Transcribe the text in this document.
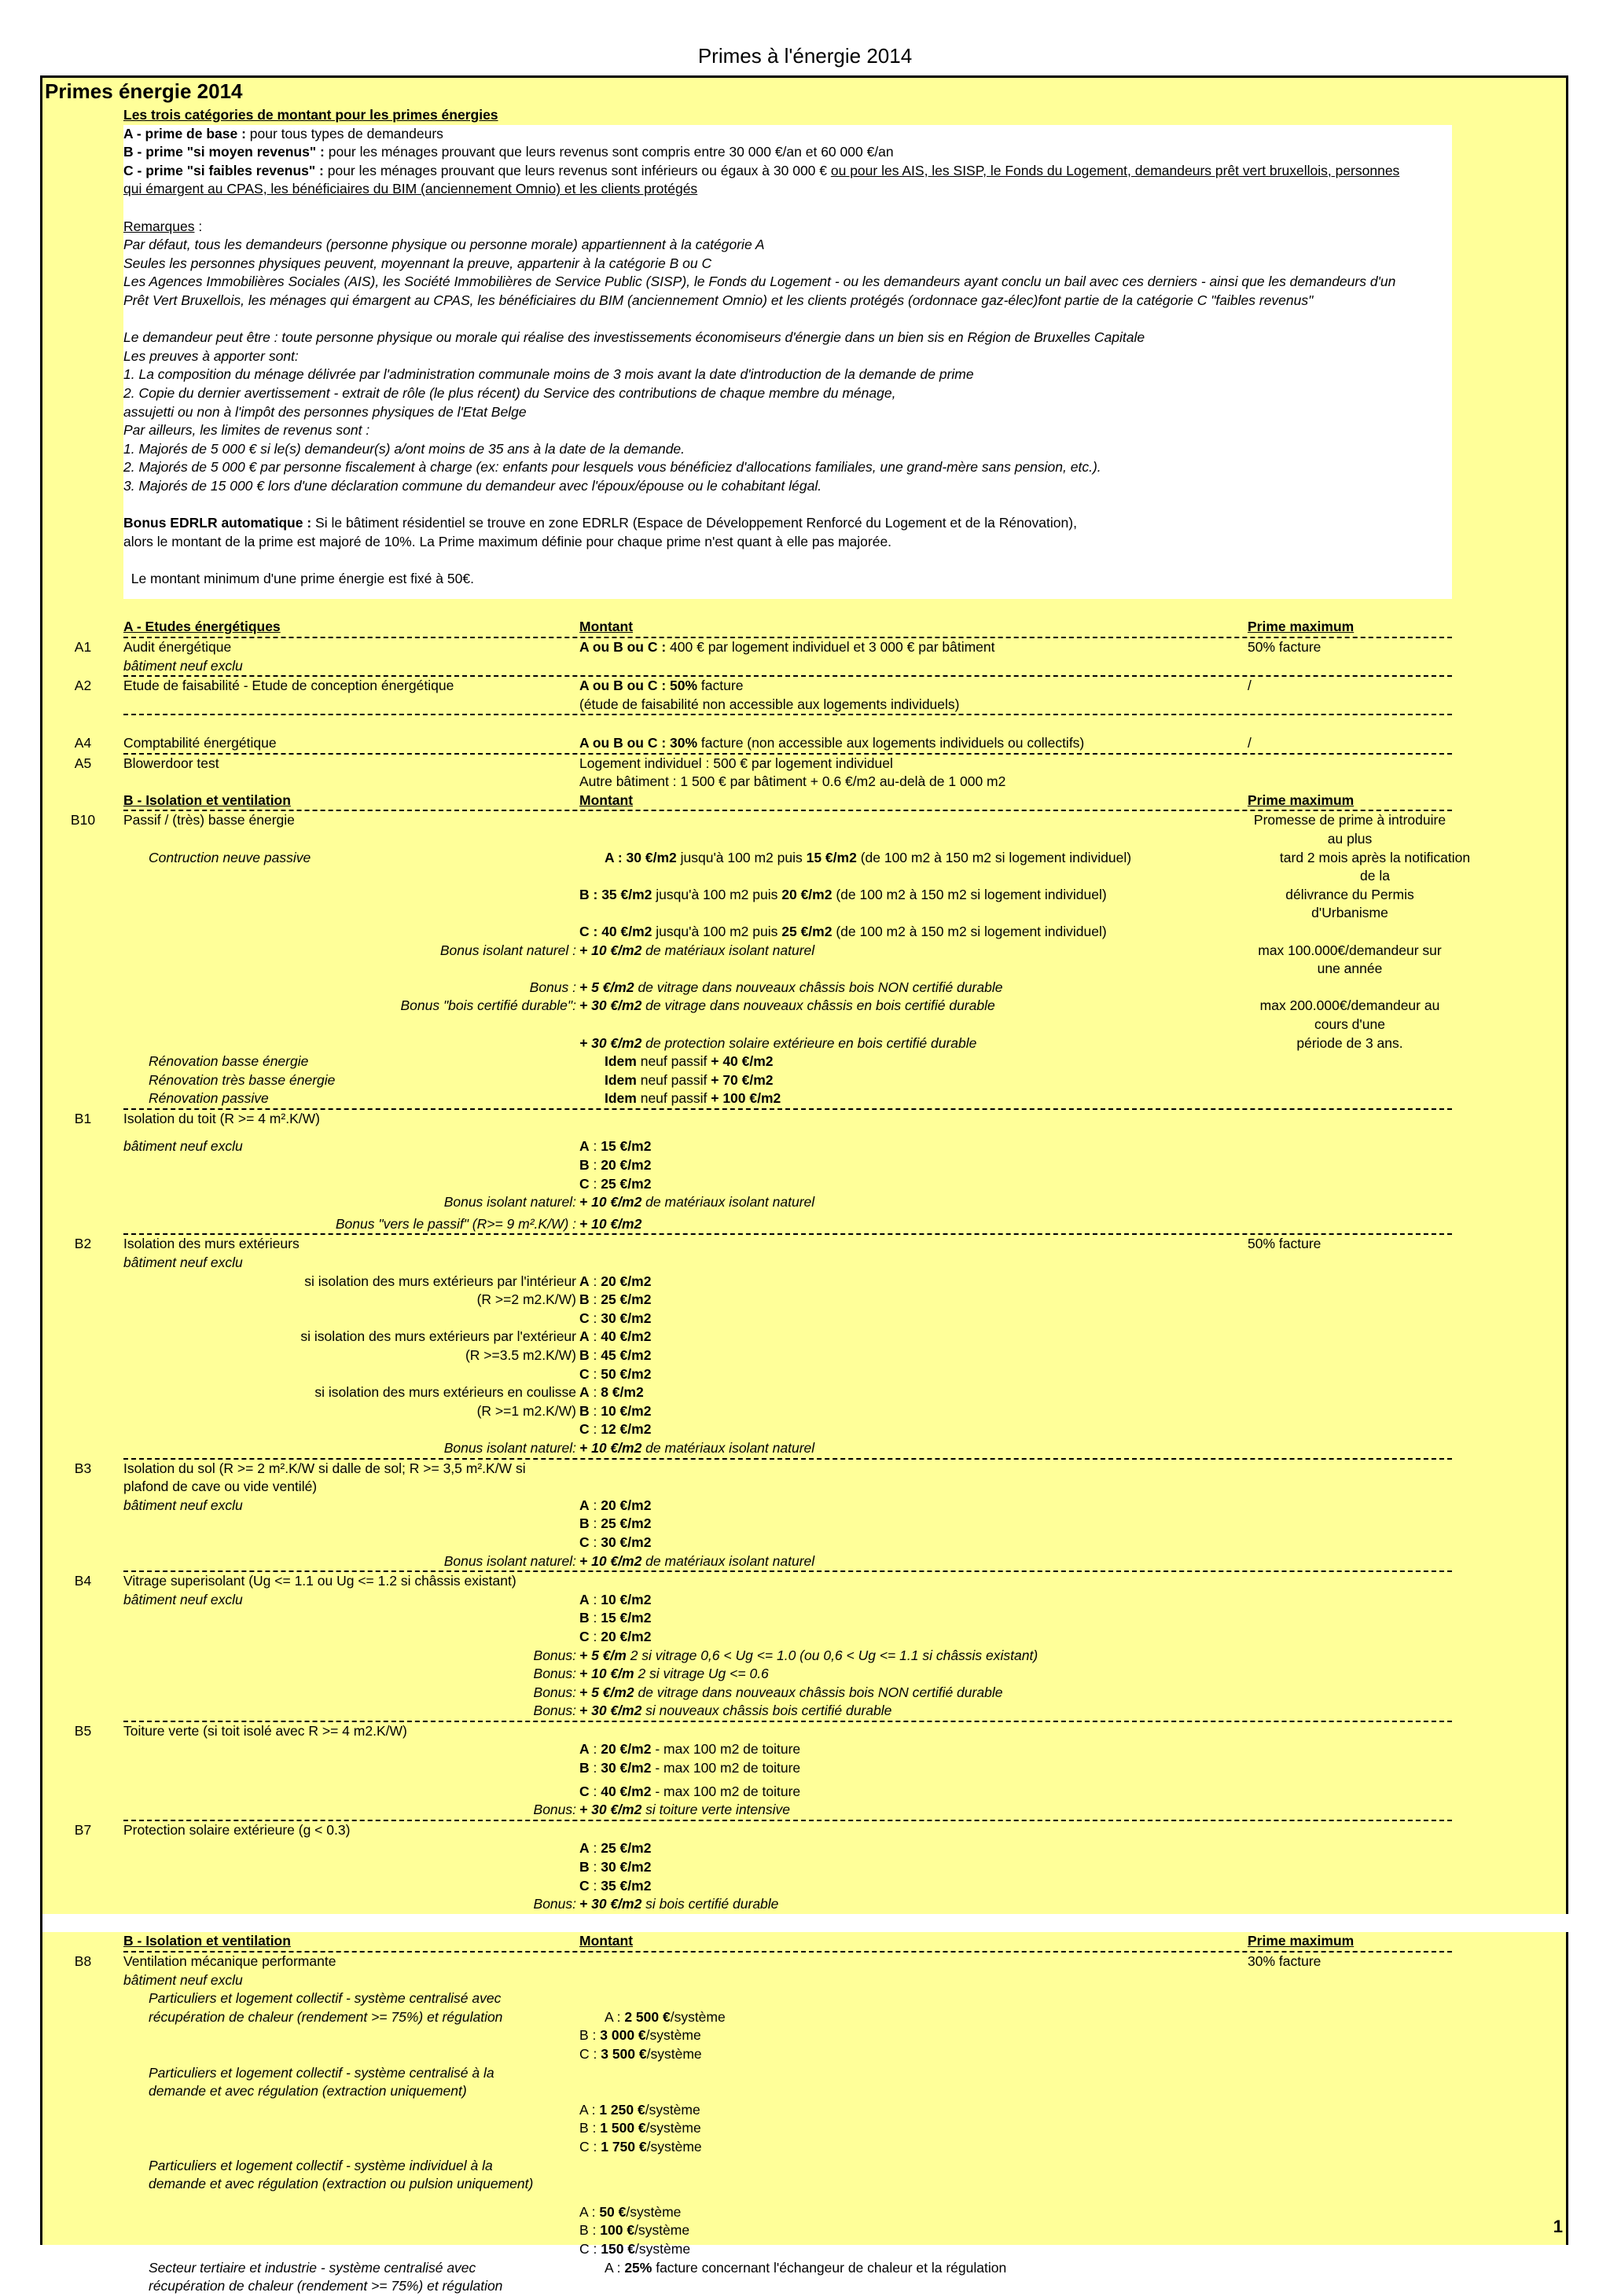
Primes à l'énergie 2014
Primes énergie 2014
Les trois catégories de montant pour les primes énergies
A - prime de base : pour tous types de demandeurs
B - prime "si moyen revenus" : pour les ménages prouvant que leurs revenus sont compris entre 30 000 €/an et 60 000 €/an
C - prime "si faibles revenus" : pour les ménages prouvant que leurs revenus sont inférieurs ou égaux à 30 000 € ou pour les AIS, les SISP, le Fonds du Logement, demandeurs prêt vert bruxellois, personnes
qui émargent au CPAS, les bénéficiaires du BIM (anciennement Omnio) et les clients protégés
Remarques :
Par défaut, tous les demandeurs (personne physique ou personne morale) appartiennent à la catégorie A
Seules les personnes physiques peuvent, moyennant la preuve, appartenir à la catégorie B ou C
Les Agences Immobilières Sociales (AIS), les Société Immobilières de Service Public (SISP), le Fonds du Logement - ou les demandeurs ayant conclu un bail avec ces derniers - ainsi que les demandeurs d'un
Prêt Vert Bruxellois, les ménages qui émargent au CPAS, les bénéficiaires du BIM (anciennement Omnio) et les clients protégés (ordonnace gaz-élec)font partie de la catégorie C "faibles revenus"
Le demandeur peut être : toute personne physique ou morale qui réalise des investissements économiseurs d'énergie dans un bien sis en Région de Bruxelles Capitale
Les preuves à apporter sont:
1. La composition du ménage délivrée par l'administration communale moins de 3 mois avant la date d'introduction de la demande de prime
2. Copie du dernier avertissement - extrait de rôle (le plus récent) du Service des contributions de chaque membre du ménage,
assujetti ou non à l'impôt des personnes physiques de l'Etat Belge
Par ailleurs, les limites de revenus sont :
1. Majorés de 5 000 € si le(s) demandeur(s) a/ont moins de 35 ans à la date de la demande.
2. Majorés de 5 000 € par personne fiscalement à charge (ex: enfants pour lesquels vous bénéficiez d'allocations familiales, une grand-mère sans pension, etc.).
3. Majorés de 15 000 € lors d'une déclaration commune du demandeur avec l'époux/épouse ou le cohabitant légal.
Bonus EDRLR automatique : Si le bâtiment résidentiel se trouve en zone EDRLR (Espace de Développement Renforcé du Logement et de la Rénovation),
alors le montant de la prime est majoré de 10%. La Prime maximum définie pour chaque prime n'est quant à elle pas majorée.
Le montant minimum d'une prime énergie est fixé à 50€.
A - Etudes énergétiques	Montant	Prime maximum
A1	Audit énergétique	A ou B ou C : 400 € par logement individuel et 3 000 € par bâtiment	50% facture
bâtiment neuf exclu
A2	Etude de faisabilité - Etude de conception énergétique	A ou B ou C : 50% facture	/
(étude de faisabilité non accessible aux logements individuels)
A4	Comptabilité énergétique	A ou B ou C : 30% facture (non accessible aux logements individuels ou collectifs)	/
A5	Blowerdoor test	Logement individuel : 500 € par logement individuel
Autre bâtiment : 1 500 € par bâtiment + 0.6 €/m2 au-delà de 1 000 m2
B - Isolation et ventilation	Montant	Prime maximum
B10	Passif / (très) basse énergie	Promesse de prime à introduire au plus
Contruction neuve passive	A : 30 €/m2 jusqu'à 100 m2 puis 15 €/m2 (de 100 m2 à 150 m2 si logement individuel)	tard 2 mois après la notification de la
B : 35 €/m2 jusqu'à 100 m2 puis 20 €/m2 (de 100 m2 à 150 m2 si logement individuel)	délivrance du Permis d'Urbanisme
C : 40 €/m2 jusqu'à 100 m2 puis 25 €/m2 (de 100 m2 à 150 m2 si logement individuel)
Bonus isolant naturel : + 10 €/m2 de matériaux isolant naturel	max 100.000€/demandeur sur une année
Bonus : + 5 €/m2 de vitrage dans nouveaux châssis bois NON certifié durable
Bonus "bois certifié durable": + 30 €/m2 de vitrage dans nouveaux châssis en bois certifié durable	max 200.000€/demandeur au cours d'une
+ 30 €/m2 de protection solaire extérieure en bois certifié durable	période de 3 ans.
Rénovation basse énergie	Idem neuf passif + 40 €/m2
Rénovation très basse énergie	Idem neuf passif + 70 €/m2
Rénovation passive	Idem neuf passif + 100 €/m2
B1	Isolation du toit (R >= 4 m².K/W)
bâtiment neuf exclu	A : 15 €/m2
B : 20 €/m2
C : 25 €/m2
Bonus isolant naturel: + 10 €/m2 de matériaux isolant naturel
Bonus "vers le passif" (R>= 9 m².K/W) : + 10 €/m2
B2	Isolation des murs extérieurs	50% facture
bâtiment neuf exclu
si isolation des murs extérieurs par l'intérieur A : 20 €/m2
(R >=2 m2.K/W) B : 25 €/m2
C : 30 €/m2
si isolation des murs extérieurs par l'extérieur A : 40 €/m2
(R >=3.5 m2.K/W) B : 45 €/m2
C : 50 €/m2
si isolation des murs extérieurs en coulisse A : 8 €/m2
(R >=1 m2.K/W) B : 10 €/m2
C : 12 €/m2
Bonus isolant naturel: + 10 €/m2 de matériaux isolant naturel
B3	Isolation du sol (R >= 2 m².K/W si dalle de sol; R >= 3,5 m².K/W si
plafond de cave ou vide ventilé)
bâtiment neuf exclu	A : 20 €/m2
B : 25 €/m2
C : 30 €/m2
Bonus isolant naturel: + 10 €/m2 de matériaux isolant naturel
B4	Vitrage superisolant (Ug <= 1.1 ou Ug <= 1.2 si châssis existant)
bâtiment neuf exclu	A : 10 €/m2
B : 15 €/m2
C : 20 €/m2
Bonus: + 5 €/m 2 si vitrage 0,6 < Ug <= 1.0 (ou 0,6 < Ug <= 1.1 si châssis existant)
Bonus: + 10 €/m 2 si vitrage Ug <= 0.6
Bonus: + 5 €/m2 de vitrage dans nouveaux châssis bois NON certifié durable
Bonus: + 30 €/m2 si nouveaux châssis bois certifié durable
B5	Toiture verte (si toit isolé avec R >= 4 m2.K/W)
A : 20 €/m2 - max 100 m2 de toiture
B : 30 €/m2 - max 100 m2 de toiture
C : 40 €/m2 - max 100 m2 de toiture
Bonus: + 30 €/m2 si toiture verte intensive
B7	Protection solaire extérieure (g < 0.3)
A : 25 €/m2
B : 30 €/m2
C : 35 €/m2
Bonus: + 30 €/m2 si bois certifié durable
B - Isolation et ventilation	Montant	Prime maximum
B8	Ventilation mécanique performante	30% facture
bâtiment neuf exclu
Particuliers et logement collectif - système centralisé avec
récupération de chaleur (rendement >= 75%) et régulation	A : 2 500 €/système
B : 3 000 €/système
C : 3 500 €/système
Particuliers et logement collectif - système centralisé à la
demande et avec régulation (extraction uniquement)
A : 1 250 €/système
B : 1 500 €/système
C : 1 750 €/système
Particuliers et logement collectif - système individuel à la
demande et avec régulation (extraction ou pulsion uniquement)
A : 50 €/système
B : 100 €/système
C : 150 €/système
Secteur tertiaire et industrie - système centralisé avec	A : 25% facture concernant l'échangeur de chaleur et la régulation
récupération de chaleur (rendement >= 75%) et régulation
1
